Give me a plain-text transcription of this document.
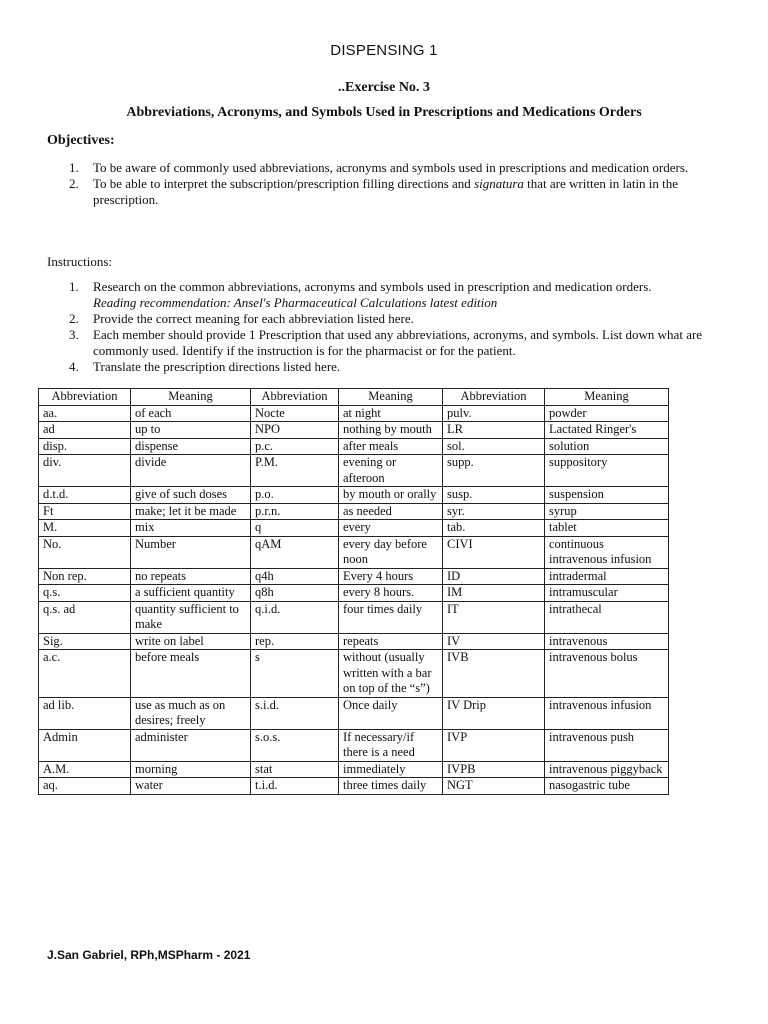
DISPENSING 1
..Exercise No. 3
Abbreviations, Acronyms, and Symbols Used in Prescriptions and Medications Orders
Objectives:
1. To be aware of commonly used abbreviations, acronyms and symbols used in prescriptions and medication orders.
2. To be able to interpret the subscription/prescription filling directions and signatura that are written in latin in the prescription.
Instructions:
1. Research on the common abbreviations, acronyms and symbols used in prescription and medication orders.
Reading recommendation: Ansel's Pharmaceutical Calculations latest edition
2. Provide the correct meaning for each abbreviation listed here.
3. Each member should provide 1 Prescription that used any abbreviations, acronyms, and symbols. List down what are commonly used. Identify if the instruction is for the pharmacist or for the patient.
4. Translate the prescription directions listed here.
Abbreviation	Meaning	Abbreviation	Meaning	Abbreviation	Meaning
aa.	of each	Nocte	at night	pulv.	powder
ad	up to	NPO	nothing by mouth	LR	Lactated Ringer's
disp.	dispense	p.c.	after meals	sol.	solution
div.	divide	P.M.	evening or afteroon	supp.	suppository
d.t.d.	give of such doses	p.o.	by mouth or orally	susp.	suspension
Ft	make; let it be made	p.r.n.	as needed	syr.	syrup
M.	mix	q	every	tab.	tablet
No.	Number	qAM	every day before noon	CIVI	continuous intravenous infusion
Non rep.	no repeats	q4h	Every 4 hours	ID	intradermal
q.s.	a sufficient quantity	q8h	every 8 hours.	IM	intramuscular
q.s. ad	quantity sufficient to make	q.i.d.	four times daily	IT	intrathecal
Sig.	write on label	rep.	repeats	IV	intravenous
a.c.	before meals	s	without (usually written with a bar on top of the “s”)	IVB	intravenous bolus
ad lib.	use as much as on desires; freely	s.i.d.	Once daily	IV Drip	intravenous infusion
Admin	administer	s.o.s.	If necessary/if there is a need	IVP	intravenous push
A.M.	morning	stat	immediately	IVPB	intravenous piggyback
aq.	water	t.i.d.	three times daily	NGT	nasogastric tube
J.San Gabriel, RPh,MSPharm - 2021
